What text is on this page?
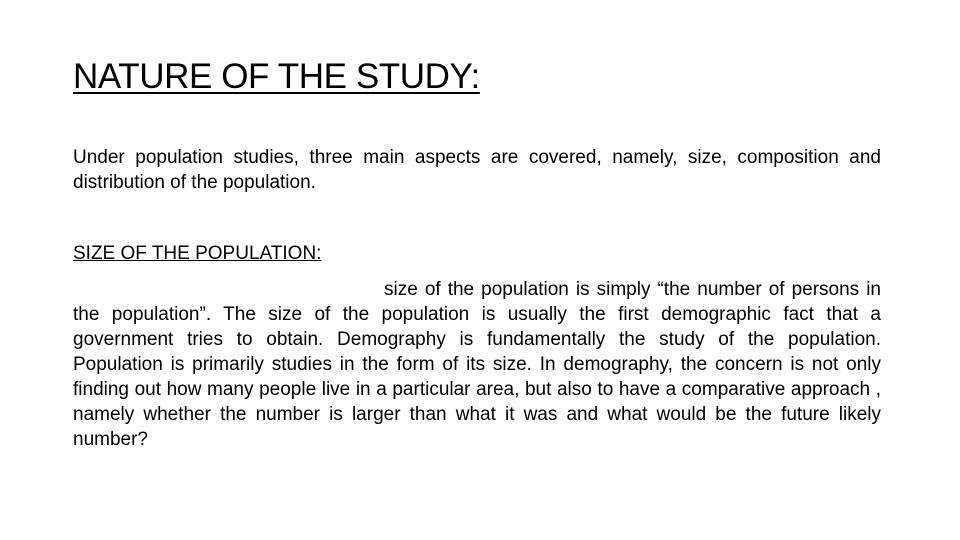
NATURE OF THE STUDY:

Under population studies, three main aspects are covered, namely, size, composition and distribution of the population.

SIZE OF THE POPULATION:

size of the population is simply “the number of persons in the population”. The size of the population is usually the first demographic fact that a government tries to obtain. Demography is fundamentally the study of the population. Population is primarily studies in the form of its size. In demography, the concern is not only finding out how many people live in a particular area, but also to have a comparative approach , namely whether the number is larger than what it was and what would be the future likely number?
